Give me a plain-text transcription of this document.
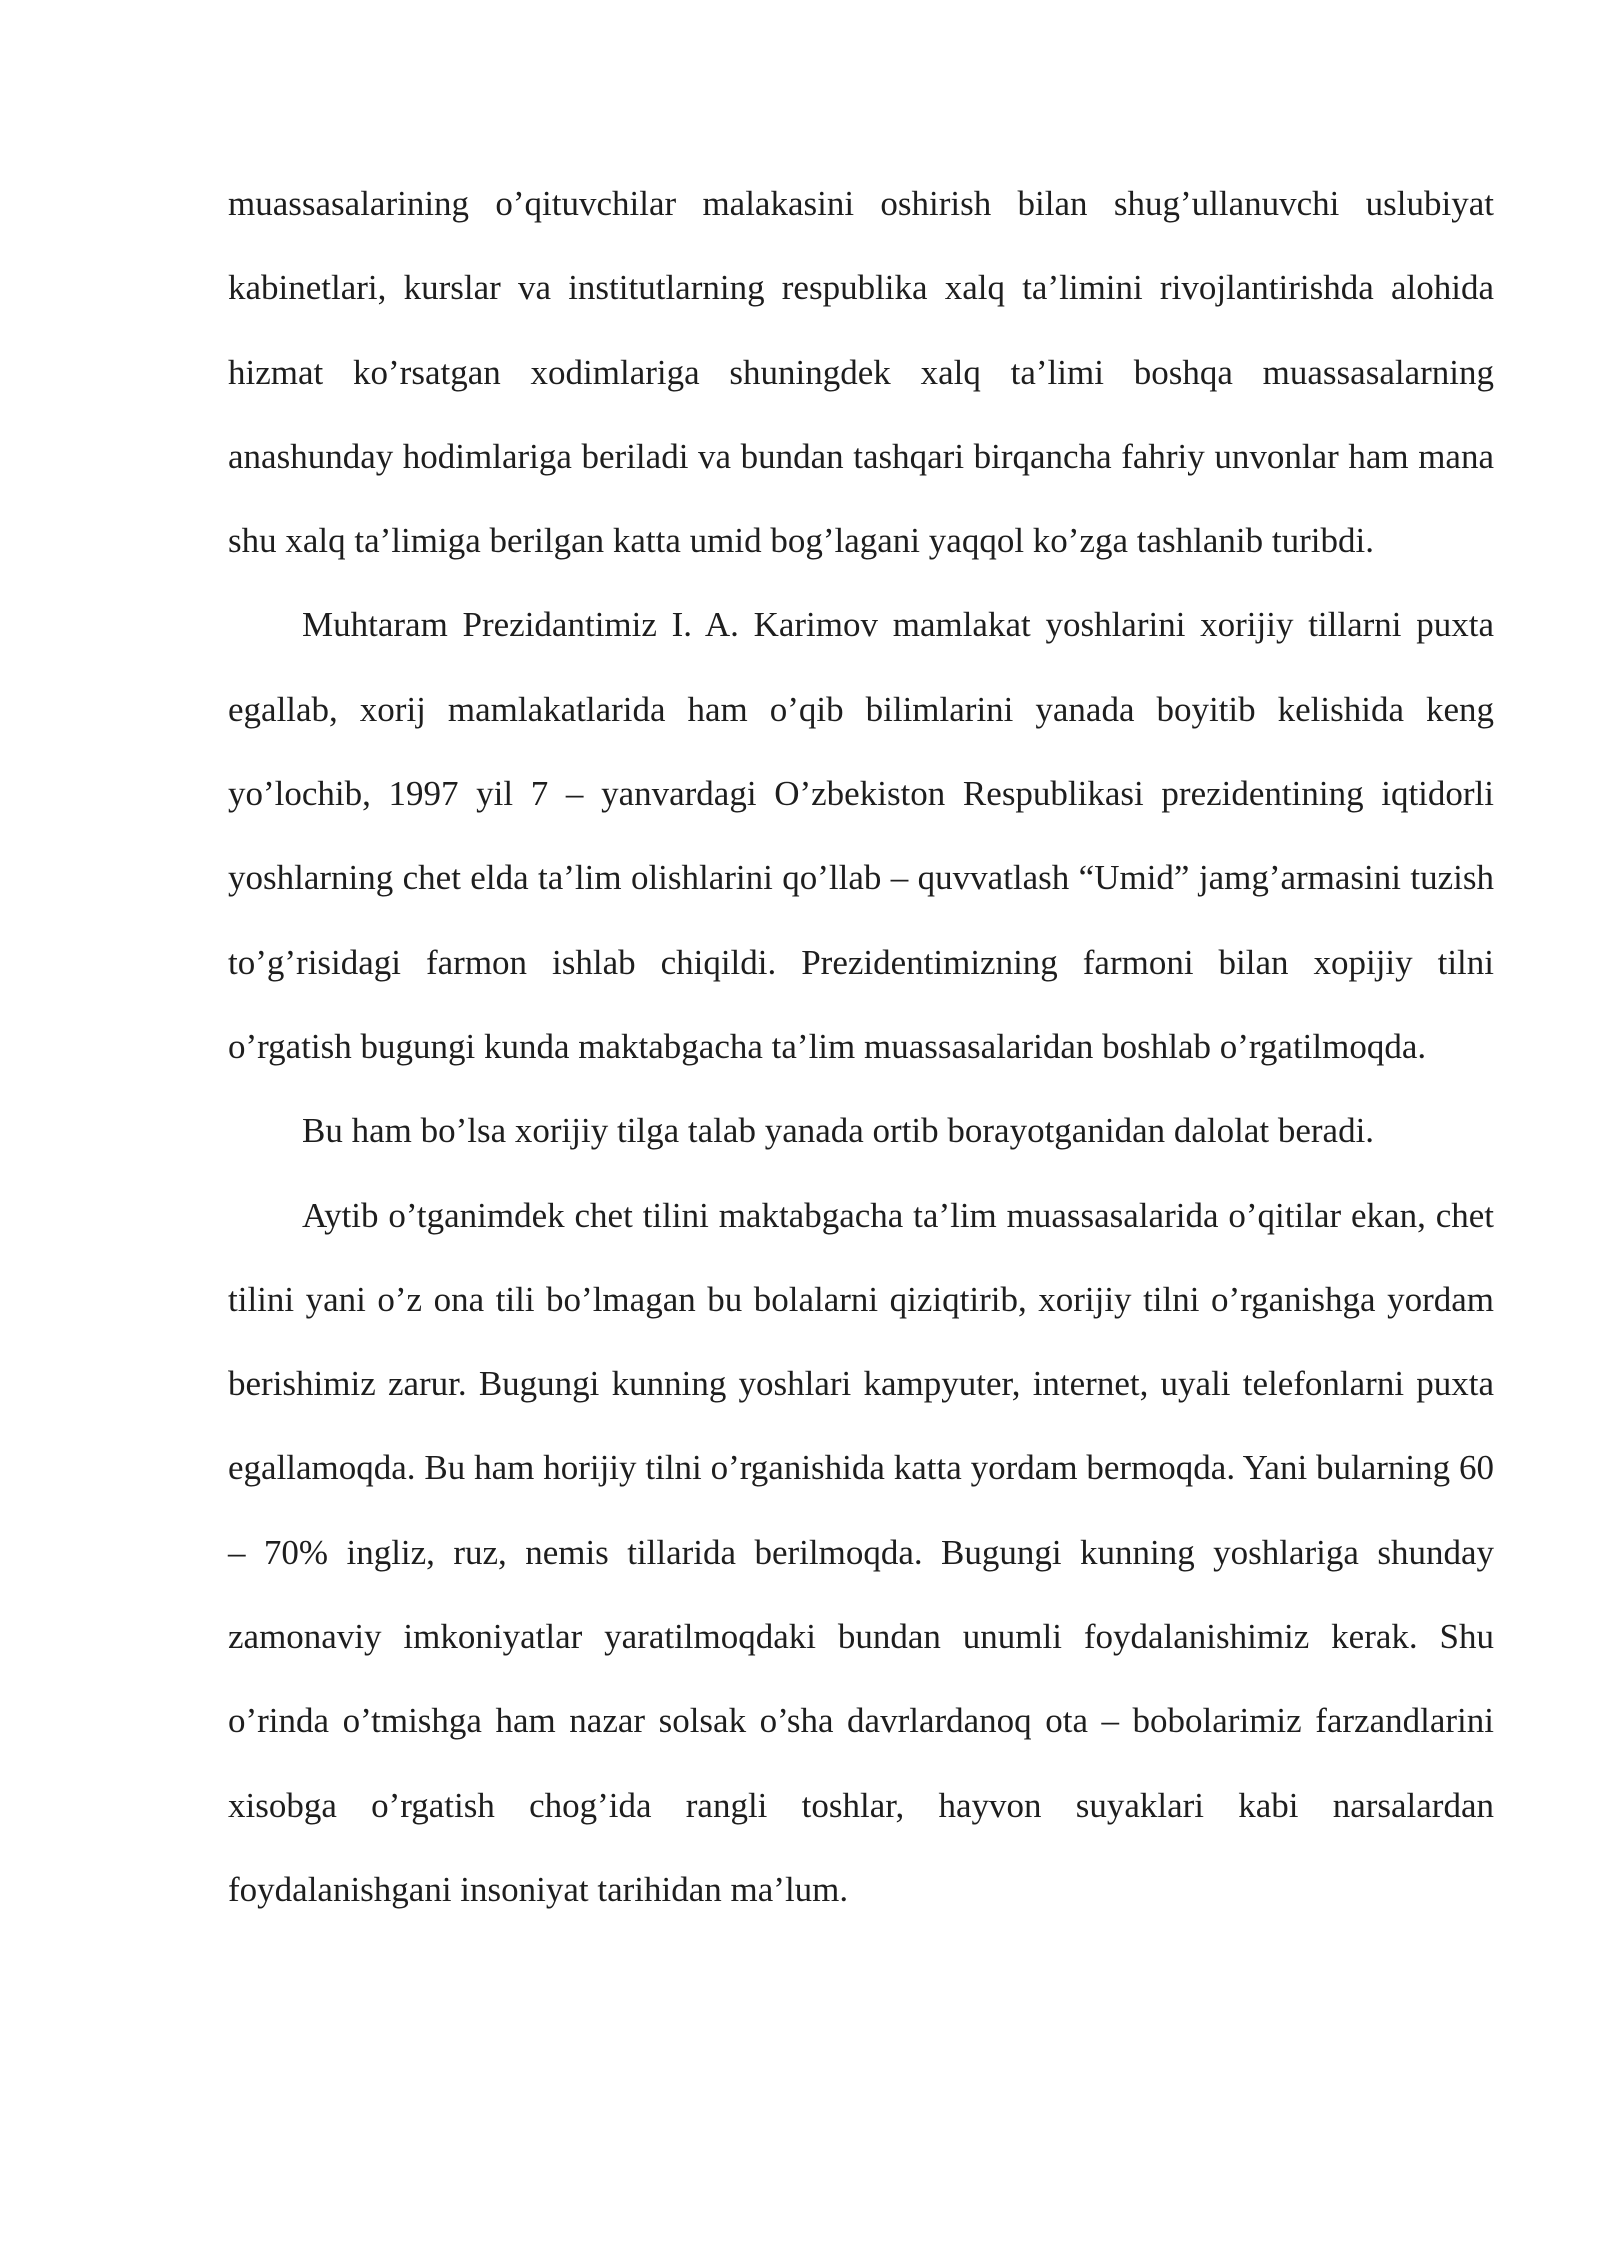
muassasalarining o’qituvchilar malakasini oshirish bilan shug’ullanuvchi uslubiyat kabinetlari, kurslar va institutlarning respublika xalq ta’limini rivojlantirishda alohida hizmat ko’rsatgan xodimlariga shuningdek xalq ta’limi boshqa muassasalarning anashunday hodimlariga beriladi va bundan tashqari birqancha fahriy unvonlar ham mana shu xalq ta’limiga berilgan katta umid bog’lagani yaqqol ko’zga tashlanib turibdi.

Muhtaram Prezidantimiz I. A. Karimov mamlakat yoshlarini xorijiy tillarni puxta egallab, xorij mamlakatlarida ham o’qib bilimlarini yanada boyitib kelishida keng yo’lochib, 1997 yil 7 – yanvardagi O’zbekiston Respublikasi prezidentining iqtidorli yoshlarning chet elda ta’lim olishlarini qo’llab – quvvatlash “Umid” jamg’armasini tuzish to’g’risidagi farmon ishlab chiqildi. Prezidentimizning farmoni bilan xopijiy tilni o’rgatish bugungi kunda maktabgacha ta’lim muassasalaridan boshlab o’rgatilmoqda.

Bu ham bo’lsa xorijiy tilga talab yanada ortib borayotganidan dalolat beradi.

Aytib o’tganimdek chet tilini maktabgacha ta’lim muassasalarida o’qitilar ekan, chet tilini yani o’z ona tili bo’lmagan bu bolalarni qiziqtirib, xorijiy tilni o’rganishga yordam berishimiz zarur. Bugungi kunning yoshlari kampyuter, internet, uyali telefonlarni puxta egallamoqda. Bu ham horijiy tilni o’rganishida katta yordam bermoqda. Yani bularning 60 – 70% ingliz, ruz, nemis tillarida berilmoqda. Bugungi kunning yoshlariga shunday zamonaviy imkoniyatlar yaratilmoqdaki bundan unumli foydalanishimiz kerak. Shu o’rinda o’tmishga ham nazar solsak o’sha davrlardanoq ota – bobolarimiz farzandlarini xisobga o’rgatish chog’ida rangli toshlar, hayvon suyaklari kabi narsalardan foydalanishgani insoniyat tarihidan ma’lum.
